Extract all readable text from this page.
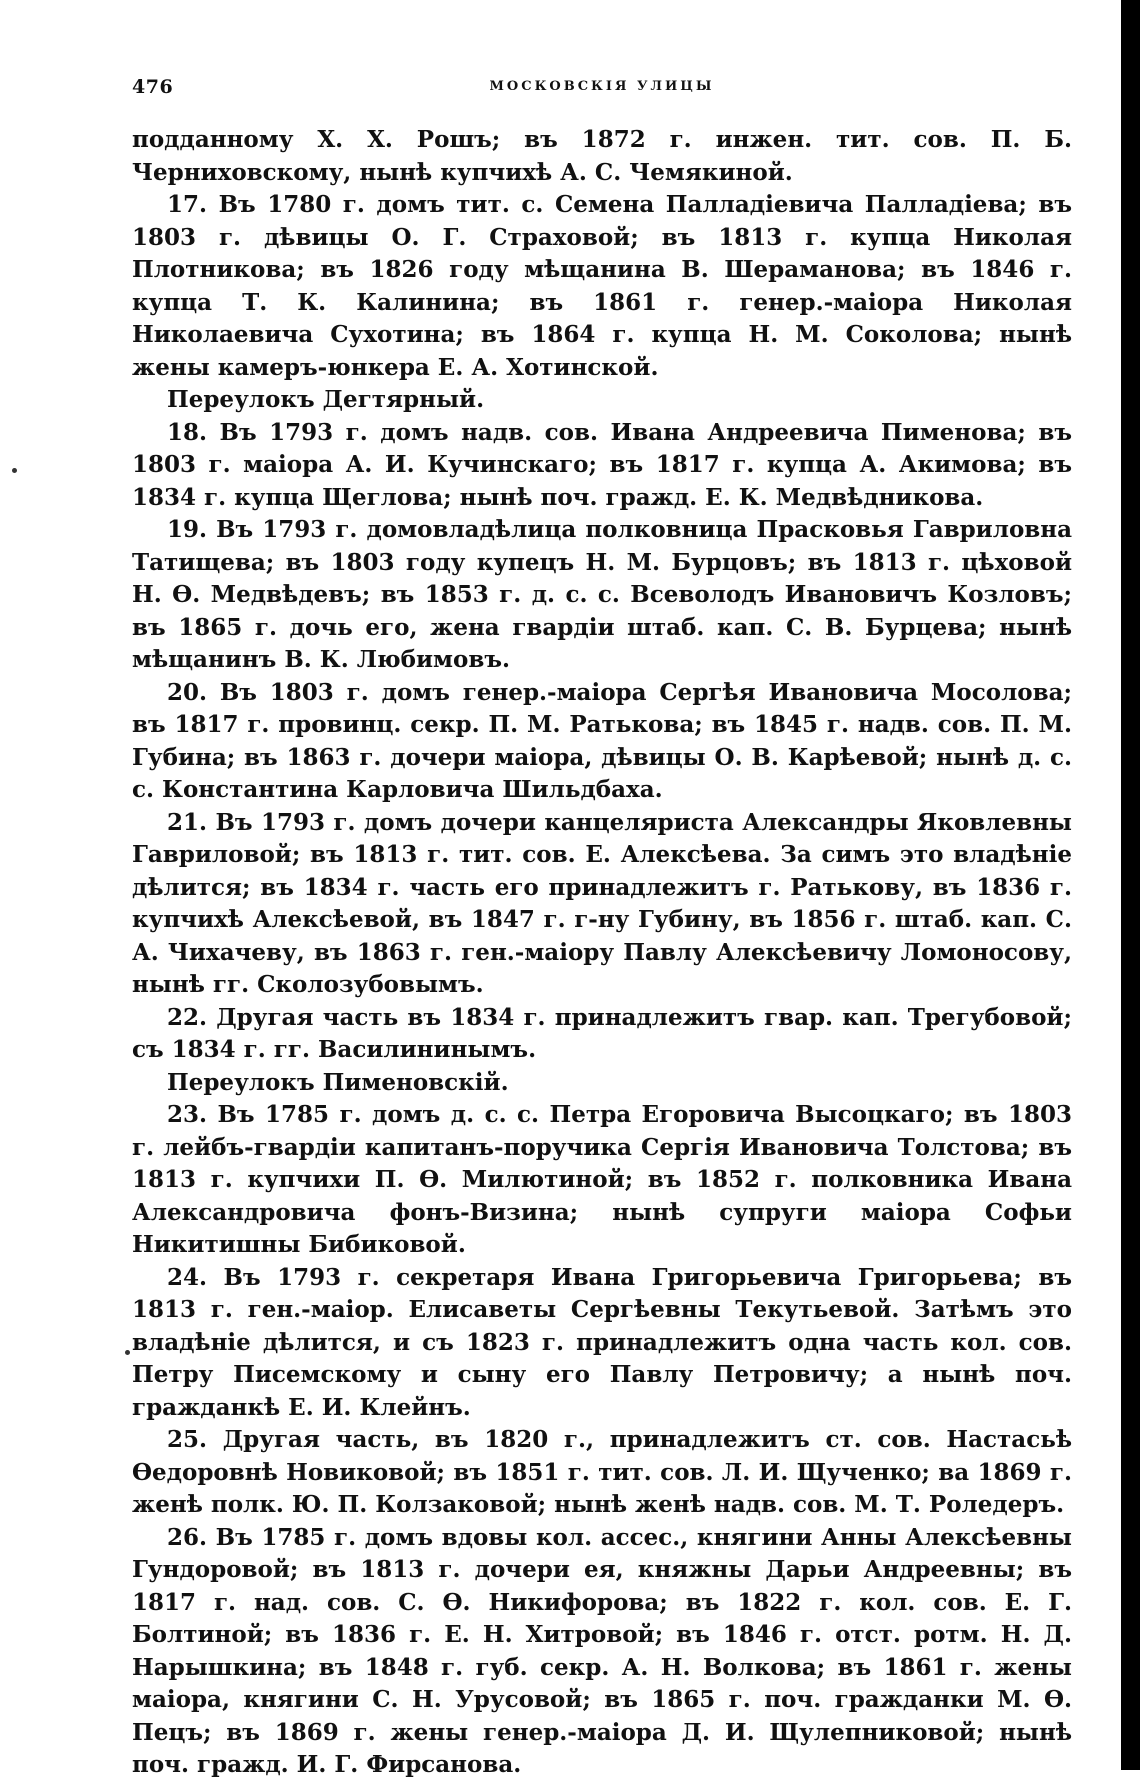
476	МОСКОВСКІЯ УЛИЦЫ

подданному X. X. Рошъ; въ 1872 г. инжен. тит. сов. П. Б. Черниховскому, нынѣ купчихѣ А. С. Чемякиной.

17. Въ 1780 г. домъ тит. с. Семена Палладіевича Палладіева; въ 1803 г. дѣвицы О. Г. Страховой; въ 1813 г. купца Николая Плотникова; въ 1826 году мѣщанина В. Шераманова; въ 1846 г. купца Т. К. Калинина; въ 1861 г. генер.-маіора Николая Николаевича Сухотина; въ 1864 г. купца Н. М. Соколова; нынѣ жены камеръ-юнкера Е. А. Хотинской.

Переулокъ Дегтярный.

18. Въ 1793 г. домъ надв. сов. Ивана Андреевича Пименова; въ 1803 г. маіора А. И. Кучинскаго; въ 1817 г. купца А. Акимова; въ 1834 г. купца Щеглова; нынѣ поч. гражд. Е. К. Медвѣдникова.

19. Въ 1793 г. домовладѣлица полковница Прасковья Гавриловна Татищева; въ 1803 году купецъ Н. М. Бурцовъ; въ 1813 г. цѣховой Н. Ѳ. Медвѣдевъ; въ 1853 г. д. с. с. Всеволодъ Ивановичъ Козловъ; въ 1865 г. дочь его, жена гвардіи штаб. кап. С. В. Бурцева; нынѣ мѣщанинъ В. К. Любимовъ.

20. Въ 1803 г. домъ генер.-маіора Сергѣя Ивановича Мосолова; въ 1817 г. провинц. секр. П. М. Ратькова; въ 1845 г. надв. сов. П. М. Губина; въ 1863 г. дочери маіора, дѣвицы О. В. Карѣевой; нынѣ д. с. с. Константина Карловича Шильдбаха.

21. Въ 1793 г. домъ дочери канцеляриста Александры Яковлевны Гавриловой; въ 1813 г. тит. сов. Е. Алексѣева. За симъ это владѣніе дѣлится; въ 1834 г. часть его принадлежитъ г. Ратькову, въ 1836 г. купчихѣ Алексѣевой, въ 1847 г. г-ну Губину, въ 1856 г. штаб. кап. С. А. Чихачеву, въ 1863 г. ген.-маіору Павлу Алексѣевичу Ломоносову, нынѣ гг. Сколозубовымъ.

22. Другая часть въ 1834 г. принадлежитъ гвар. кап. Трегубовой; съ 1834 г. гг. Василининымъ.

Переулокъ Пименовскій.

23. Въ 1785 г. домъ д. с. с. Петра Егоровича Высоцкаго; въ 1803 г. лейбъ-гвардіи капитанъ-поручика Сергія Ивановича Толстова; въ 1813 г. купчихи П. Ѳ. Милютиной; въ 1852 г. полковника Ивана Александровича фонъ-Визина; нынѣ супруги маіора Софьи Никитишны Бибиковой.

24. Въ 1793 г. секретаря Ивана Григорьевича Григорьева; въ 1813 г. ген.-маіор. Елисаветы Сергѣевны Текутьевой. Затѣмъ это владѣніе дѣлится, и съ 1823 г. принадлежитъ одна часть кол. сов. Петру Писемскому и сыну его Павлу Петровичу; а нынѣ поч. гражданкѣ Е. И. Клейнъ.

25. Другая часть, въ 1820 г., принадлежитъ ст. сов. Настасьѣ Ѳедоровнѣ Новиковой; въ 1851 г. тит. сов. Л. И. Щученко; ва 1869 г. женѣ полк. Ю. П. Колзаковой; нынѣ женѣ надв. сов. М. Т. Роледеръ.

26. Въ 1785 г. домъ вдовы кол. ассес., княгини Анны Алексѣевны Гундоровой; въ 1813 г. дочери ея, княжны Дарьи Андреевны; въ 1817 г. над. сов. С. Ѳ. Никифорова; въ 1822 г. кол. сов. Е. Г. Болтиной; въ 1836 г. Е. Н. Хитровой; въ 1846 г. отст. ротм. Н. Д. Нарышкина; въ 1848 г. губ. секр. А. Н. Волкова; въ 1861 г. жены маіора, княгини С. Н. Урусовой; въ 1865 г. поч. гражданки М. Ѳ. Пецъ; въ 1869 г. жены генер.-маіора Д. И. Щулепниковой; нынѣ поч. гражд. И. Г. Фирсанова.
